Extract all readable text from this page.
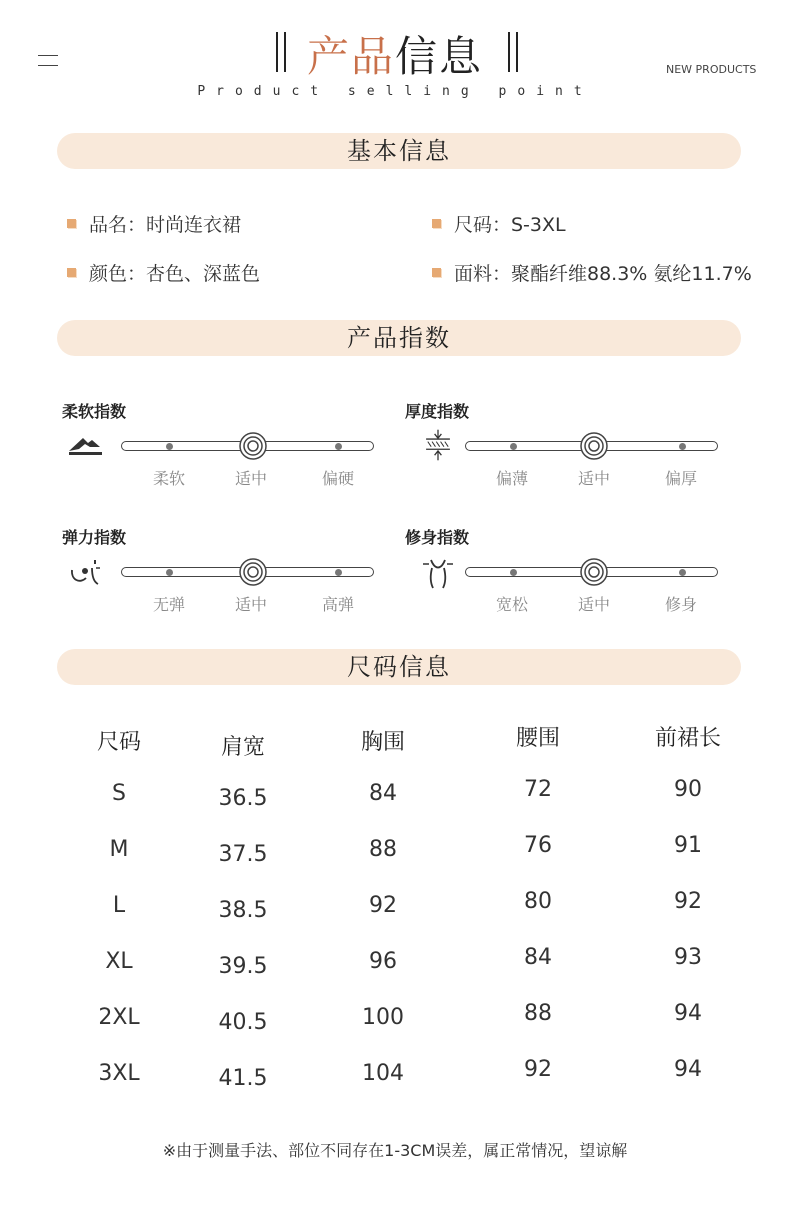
产品信息
Product selling point
NEW PRODUCTS
基本信息
品名：时尚连衣裙	尺码：S-3XL
颜色：杏色、深蓝色	面料：聚酯纤维88.3% 氨纶11.7%
产品指数
柔软指数
柔软	适中	偏硬
厚度指数
偏薄	适中	偏厚
弹力指数
无弹	适中	高弹
修身指数
宽松	适中	修身
尺码信息
尺码	肩宽	胸围	腰围	前裙长
S	36.5	84	72	90
M	37.5	88	76	91
L	38.5	92	80	92
XL	39.5	96	84	93
2XL	40.5	100	88	94
3XL	41.5	104	92	94
※由于测量手法、部位不同存在1-3CM误差，属正常情况，望谅解
